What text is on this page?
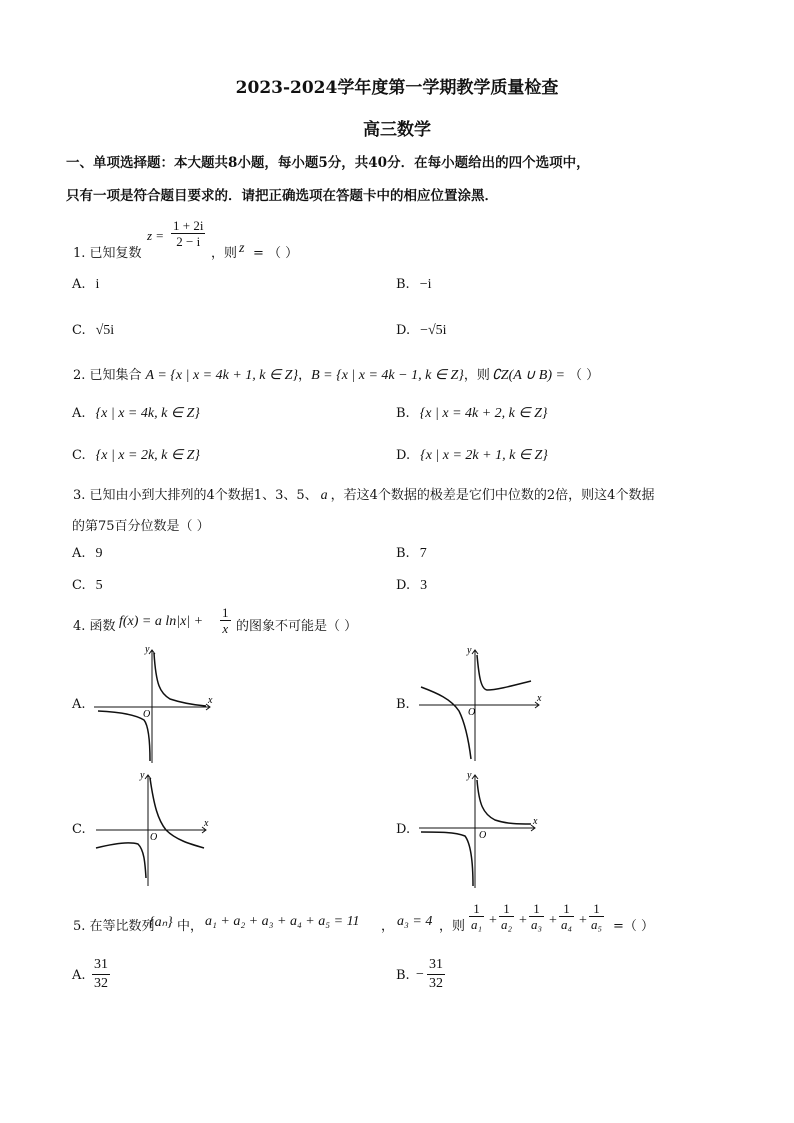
2023-2024学年度第一学期教学质量检查
高三数学
一、单项选择题：本大题共8小题，每小题5分，共40分．在每小题给出的四个选项中，
只有一项是符合题目要求的．请把正确选项在答题卡中的相应位置涂黑．
1. 已知复数
$z = \frac{1 + 2i}{2 - i}$
，则 z = （ ）
A. i	B. −i
C. √5i	D. −√5i
2. 已知集合 A = {x | x = 4k + 1, k ∈ Z}，B = {x | x = 4k − 1, k ∈ Z}，则 ∁Z(A ∪ B) = （ ）
A. {x | x = 4k, k ∈ Z}	B. {x | x = 4k + 2, k ∈ Z}
C. {x | x = 2k, k ∈ Z}	D. {x | x = 2k + 1, k ∈ Z}
3. 已知由小到大排列的4个数据1、3、5、 a ，若这4个数据的极差是它们中位数的2倍，则这4个数据
的第75百分位数是（ ）
A. 9	B. 7
C. 5	D. 3
4. 函数 f(x) = a $\ln|x| + \frac{1}{x}$ 的图象不可能是（ ）
A.	B.
C.	D.
y
x
O
y
x
O
y
x
O
y
x
O
5. 在等比数列
{aₙ} 中， a₁ + a₂ + a₃ + a₄ + a₅ = 11 ， a₃ = 4 ，则 $\frac{1}{\text{a₁}} + \frac{1}{\text{a₂}} + \frac{1}{\text{a₃}} + \frac{1}{\text{a₄}} + \frac{1}{\text{a₅}}$ =（ ）
A. $\frac{31}{32}$	B. − $\frac{31}{32}$
